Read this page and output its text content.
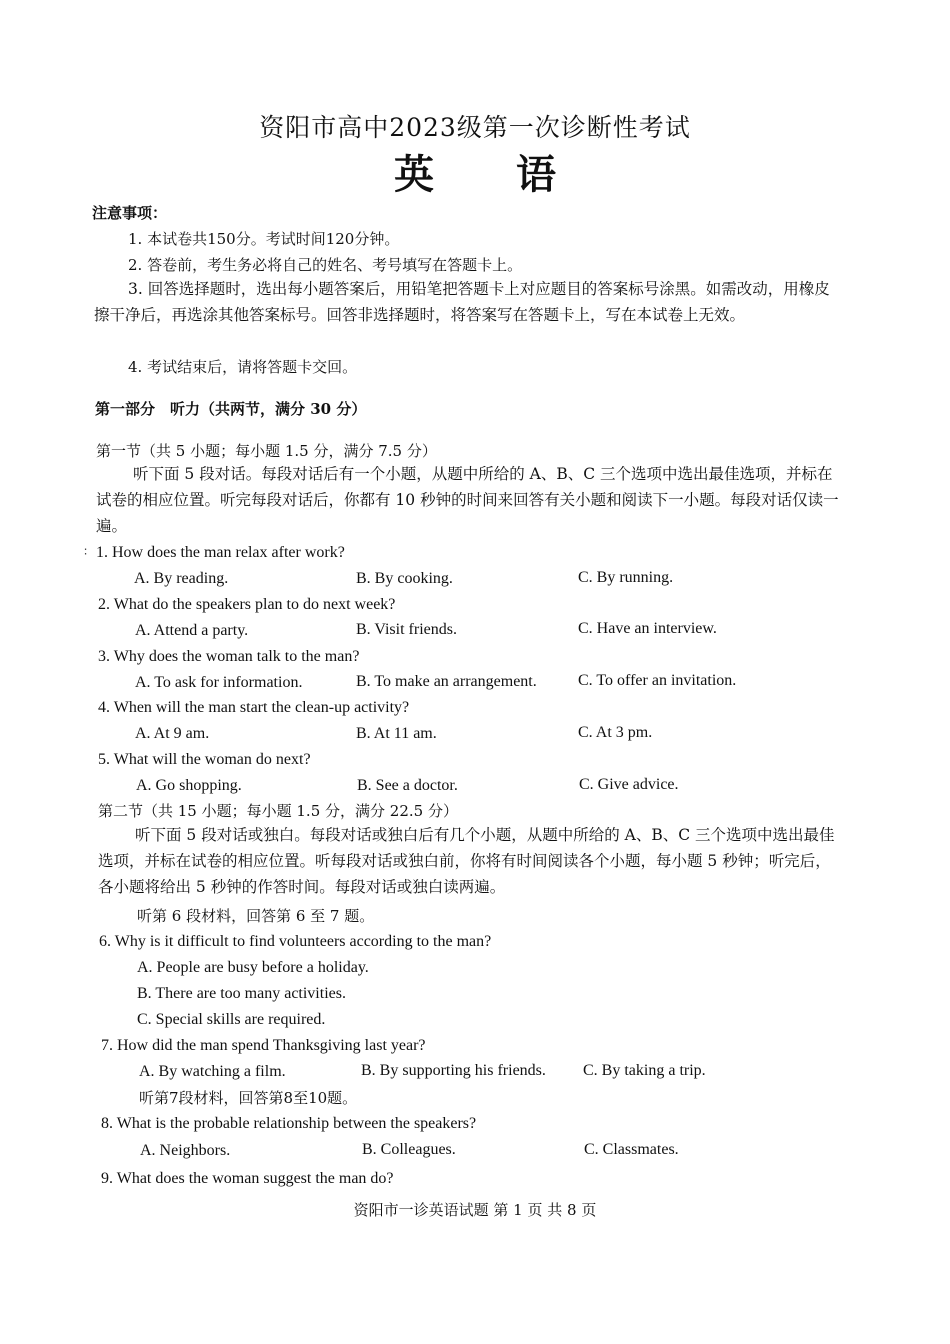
资阳市高中2023级第一次诊断性考试
英 语
注意事项：
1. 本试卷共150分。考试时间120分钟。
2. 答卷前，考生务必将自己的姓名、考号填写在答题卡上。
3. 回答选择题时，选出每小题答案后，用铅笔把答题卡上对应题目的答案标号涂黑。如需改动，用橡皮擦干净后，再选涂其他答案标号。回答非选择题时，将答案写在答题卡上，写在本试卷上无效。
4. 考试结束后，请将答题卡交回。
第一部分　听力（共两节，满分 30 分）
第一节（共 5 小题；每小题 1.5 分，满分 7.5 分）
听下面 5 段对话。每段对话后有一个小题，从题中所给的 A、B、C 三个选项中选出最佳选项，并标在试卷的相应位置。听完每段对话后，你都有 10 秒钟的时间来回答有关小题和阅读下一小题。每段对话仅读一遍。
∶ 1. How does the man relax after work?
A. By reading.	B. By cooking.	C. By running.
2. What do the speakers plan to do next week?
A. Attend a party.	B. Visit friends.	C. Have an interview.
3. Why does the woman talk to the man?
A. To ask for information.	B. To make an arrangement.	C. To offer an invitation.
4. When will the man start the clean-up activity?
A. At 9 am.	B. At 11 am.	C. At 3 pm.
5. What will the woman do next?
A. Go shopping.	B. See a doctor.	C. Give advice.
第二节（共 15 小题；每小题 1.5 分，满分 22.5 分）
听下面 5 段对话或独白。每段对话或独白后有几个小题，从题中所给的 A、B、C 三个选项中选出最佳选项，并标在试卷的相应位置。听每段对话或独白前，你将有时间阅读各个小题，每小题 5 秒钟；听完后，各小题将给出 5 秒钟的作答时间。每段对话或独白读两遍。
听第 6 段材料，回答第 6 至 7 题。
6. Why is it difficult to find volunteers according to the man?
A. People are busy before a holiday.
B. There are too many activities.
C. Special skills are required.
7. How did the man spend Thanksgiving last year?
A. By watching a film.	B. By supporting his friends. C. By taking a trip.
听第7段材料，回答第8至10题。
8. What is the probable relationship between the speakers?
A. Neighbors.	B. Colleagues.	C. Classmates.
9. What does the woman suggest the man do?
资阳市一诊英语试题 第 1 页 共 8 页
